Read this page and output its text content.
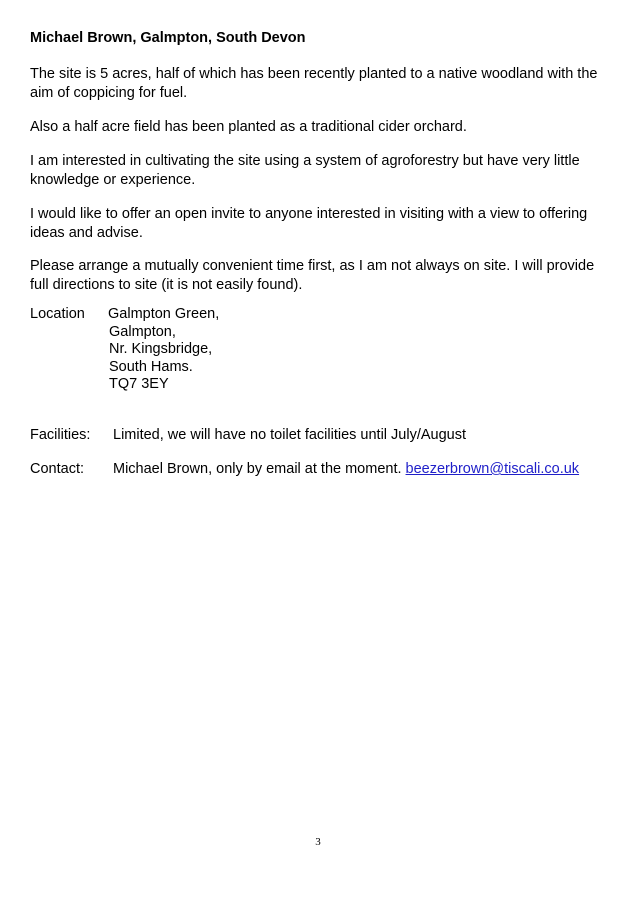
Michael Brown, Galmpton, South Devon
The site is 5 acres, half of which has been recently planted to a native woodland with the aim of coppicing for fuel.
Also a half acre field has been planted as a traditional cider orchard.
I am interested in cultivating the site using a system of agroforestry but have very little knowledge or experience.
I would like to offer an open invite to anyone interested in visiting with a view to offering ideas and advise.
Please arrange a mutually convenient time first, as I am not always on site. I will provide full directions to site (it is not easily found).
Location Galmpton Green,
Galmpton,
Nr. Kingsbridge,
South Hams.
TQ7 3EY
Facilities: Limited, we will have no toilet facilities until July/August
Contact: Michael Brown, only by email at the moment. beezerbrown@tiscali.co.uk
3
